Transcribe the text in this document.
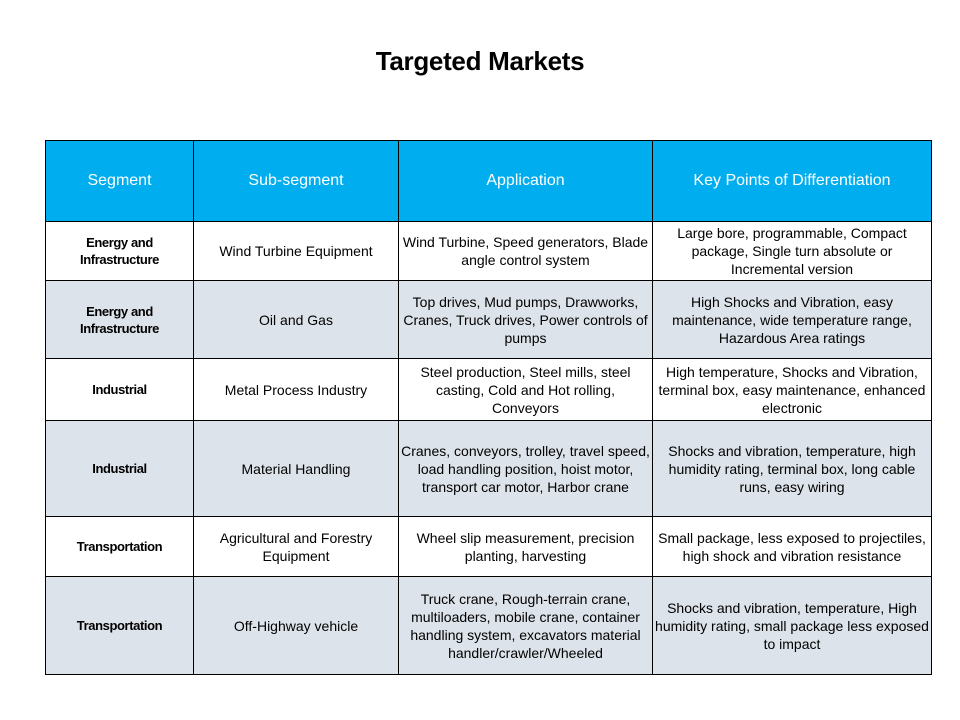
Targeted Markets
Segment	Sub-segment	Application	Key Points of Differentiation
Energy and Infrastructure	Wind Turbine Equipment	Wind Turbine, Speed generators, Blade angle control system	Large bore, programmable, Compact package, Single turn absolute or Incremental version
Energy and Infrastructure	Oil and Gas	Top drives, Mud pumps, Drawworks, Cranes, Truck drives, Power controls of pumps	High Shocks and Vibration, easy maintenance, wide temperature range, Hazardous Area ratings
Industrial	Metal Process Industry	Steel production, Steel mills, steel casting, Cold and Hot rolling, Conveyors	High temperature, Shocks and Vibration, terminal box, easy maintenance, enhanced electronic
Industrial	Material Handling	Cranes, conveyors, trolley, travel speed, load handling position, hoist motor, transport car motor, Harbor crane	Shocks and vibration, temperature, high humidity rating, terminal box, long cable runs, easy wiring
Transportation	Agricultural and Forestry Equipment	Wheel slip measurement, precision planting, harvesting	Small package, less exposed to projectiles, high shock and vibration resistance
Transportation	Off-Highway vehicle	Truck crane, Rough-terrain crane, multiloaders, mobile crane, container handling system, excavators material handler/crawler/Wheeled	Shocks and vibration, temperature, High humidity rating, small package less exposed to impact
